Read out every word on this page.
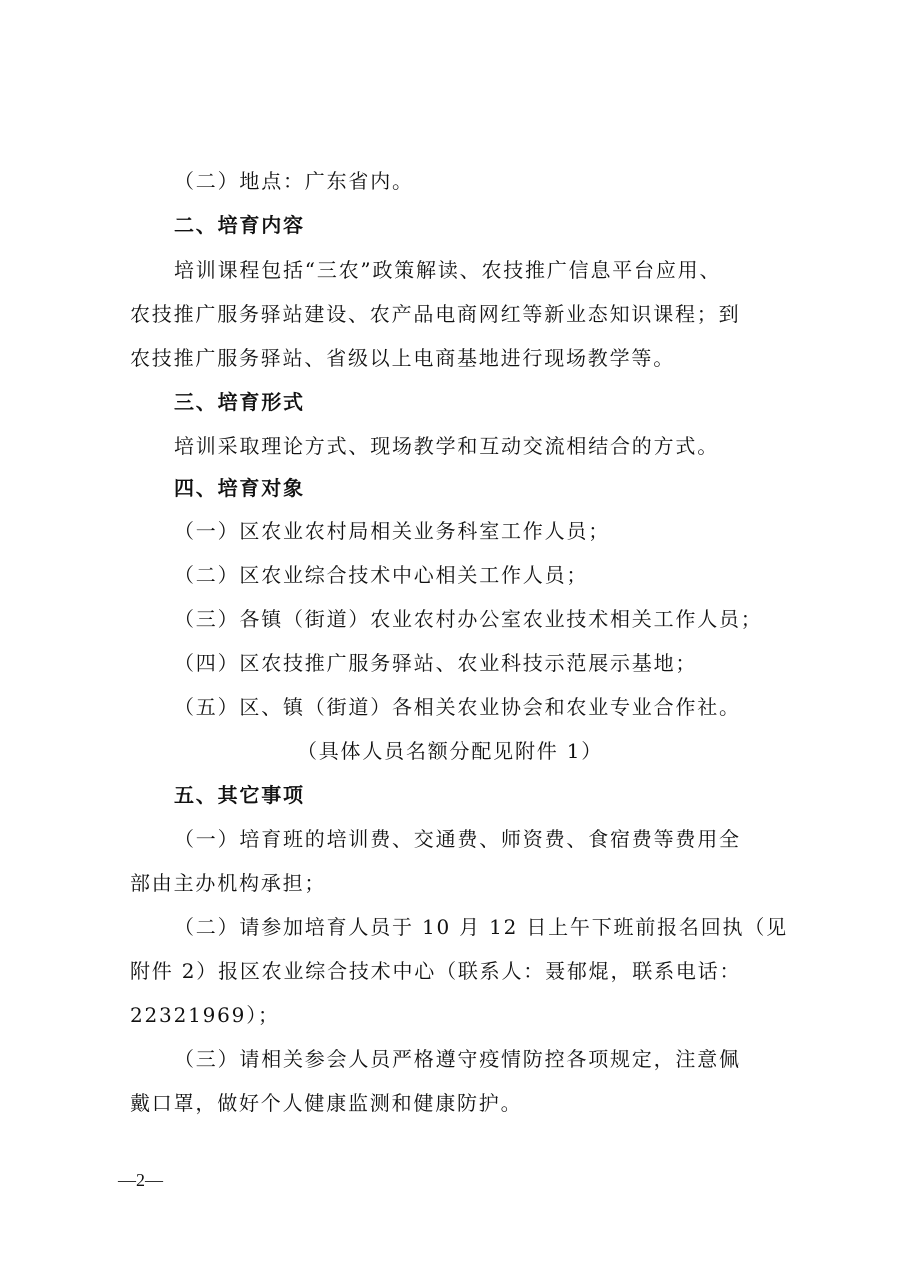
（二）地点：广东省内。
二、培育内容
培训课程包括“三农”政策解读、农技推广信息平台应用、
农技推广服务驿站建设、农产品电商网红等新业态知识课程；到
农技推广服务驿站、省级以上电商基地进行现场教学等。
三、培育形式
培训采取理论方式、现场教学和互动交流相结合的方式。
四、培育对象
（一）区农业农村局相关业务科室工作人员；
（二）区农业综合技术中心相关工作人员；
（三）各镇（街道）农业农村办公室农业技术相关工作人员；
（四）区农技推广服务驿站、农业科技示范展示基地；
（五）区、镇（街道）各相关农业协会和农业专业合作社。
（具体人员名额分配见附件 1）
五、其它事项
（一）培育班的培训费、交通费、师资费、食宿费等费用全
部由主办机构承担；
（二）请参加培育人员于 10 月 12 日上午下班前报名回执（见
附件 2）报区农业综合技术中心（联系人：聂郁焜，联系电话：
22321969）；
（三）请相关参会人员严格遵守疫情防控各项规定，注意佩
戴口罩，做好个人健康监测和健康防护。
—2—
